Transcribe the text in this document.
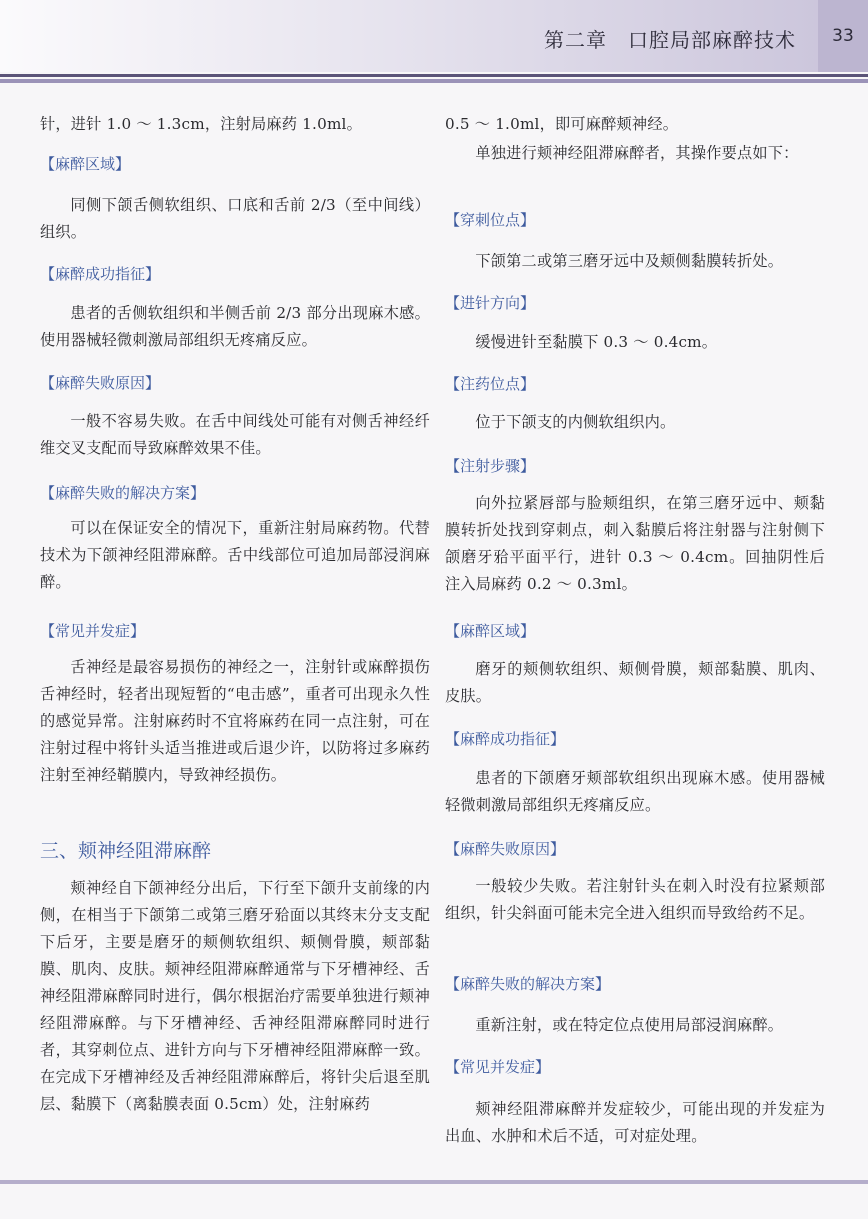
第二章　口腔局部麻醉技术	33

针，进针 1.0 ～ 1.3cm，注射局麻药 1.0ml。

【麻醉区域】

同侧下颌舌侧软组织、口底和舌前 2/3（至中间线）组织。

【麻醉成功指征】

患者的舌侧软组织和半侧舌前 2/3 部分出现麻木感。使用器械轻微刺激局部组织无疼痛反应。

【麻醉失败原因】

一般不容易失败。在舌中间线处可能有对侧舌神经纤维交叉支配而导致麻醉效果不佳。

【麻醉失败的解决方案】

可以在保证安全的情况下，重新注射局麻药物。代替技术为下颌神经阻滞麻醉。舌中线部位可追加局部浸润麻醉。

【常见并发症】

舌神经是最容易损伤的神经之一，注射针或麻醉损伤舌神经时，轻者出现短暂的“电击感”，重者可出现永久性的感觉异常。注射麻药时不宜将麻药在同一点注射，可在注射过程中将针头适当推进或后退少许，以防将过多麻药注射至神经鞘膜内，导致神经损伤。

三、颊神经阻滞麻醉

颊神经自下颌神经分出后，下行至下颌升支前缘的内侧，在相当于下颌第二或第三磨牙𬌗面以其终末分支支配下后牙，主要是磨牙的颊侧软组织、颊侧骨膜，颊部黏膜、肌肉、皮肤。颊神经阻滞麻醉通常与下牙槽神经、舌神经阻滞麻醉同时进行，偶尔根据治疗需要单独进行颊神经阻滞麻醉。与下牙槽神经、舌神经阻滞麻醉同时进行者，其穿刺位点、进针方向与下牙槽神经阻滞麻醉一致。在完成下牙槽神经及舌神经阻滞麻醉后，将针尖后退至肌层、黏膜下（离黏膜表面 0.5cm）处，注射麻药

0.5 ～ 1.0ml，即可麻醉颊神经。

单独进行颊神经阻滞麻醉者，其操作要点如下：

【穿刺位点】

下颌第二或第三磨牙远中及颊侧黏膜转折处。

【进针方向】

缓慢进针至黏膜下 0.3 ～ 0.4cm。

【注药位点】

位于下颌支的内侧软组织内。

【注射步骤】

向外拉紧唇部与脸颊组织，在第三磨牙远中、颊黏膜转折处找到穿刺点，刺入黏膜后将注射器与注射侧下颌磨牙𬌗平面平行，进针 0.3 ～ 0.4cm。回抽阴性后注入局麻药 0.2 ～ 0.3ml。

【麻醉区域】

磨牙的颊侧软组织、颊侧骨膜，颊部黏膜、肌肉、皮肤。

【麻醉成功指征】

患者的下颌磨牙颊部软组织出现麻木感。使用器械轻微刺激局部组织无疼痛反应。

【麻醉失败原因】

一般较少失败。若注射针头在刺入时没有拉紧颊部组织，针尖斜面可能未完全进入组织而导致给药不足。

【麻醉失败的解决方案】

重新注射，或在特定位点使用局部浸润麻醉。

【常见并发症】

颊神经阻滞麻醉并发症较少，可能出现的并发症为出血、水肿和术后不适，可对症处理。
